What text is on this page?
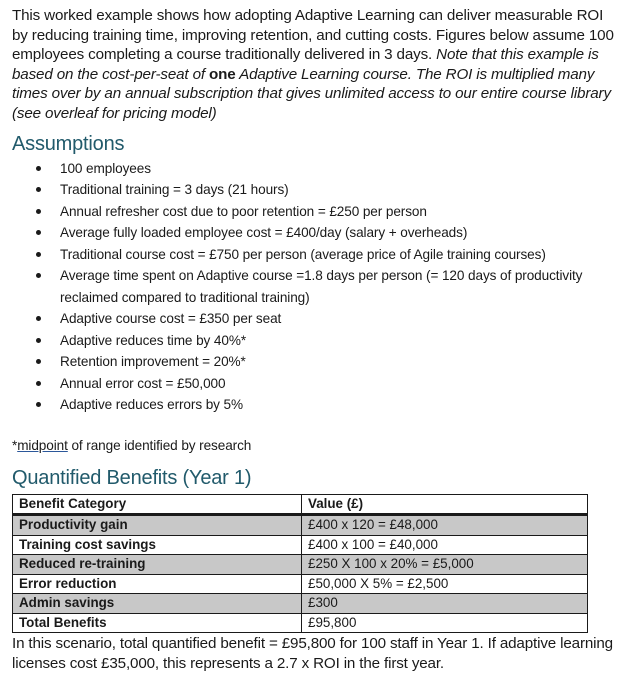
This worked example shows how adopting Adaptive Learning can deliver measurable ROI by reducing training time, improving retention, and cutting costs. Figures below assume 100 employees completing a course traditionally delivered in 3 days. Note that this example is based on the cost-per-seat of one Adaptive Learning course. The ROI is multiplied many times over by an annual subscription that gives unlimited access to our entire course library (see overleaf for pricing model)

Assumptions
100 employees
Traditional training = 3 days (21 hours)
Annual refresher cost due to poor retention = £250 per person
Average fully loaded employee cost = £400/day (salary + overheads)
Traditional course cost = £750 per person (average price of Agile training courses)
Average time spent on Adaptive course =1.8 days per person (= 120 days of productivity reclaimed compared to traditional training)
Adaptive course cost = £350 per seat
Adaptive reduces time by 40%*
Retention improvement = 20%*
Annual error cost = £50,000
Adaptive reduces errors by 5%
*midpoint of range identified by research
Quantified Benefits (Year 1)
Benefit Category	Value (£)
Productivity gain	£400 x 120 = £48,000
Training cost savings	£400 x 100 = £40,000
Reduced re-training	£250 X 100 x 20% = £5,000
Error reduction	£50,000 X 5% = £2,500
Admin savings	£300
Total Benefits	£95,800

In this scenario, total quantified benefit = £95,800 for 100 staff in Year 1. If adaptive learning licenses cost £35,000, this represents a 2.7 x ROI in the first year.
